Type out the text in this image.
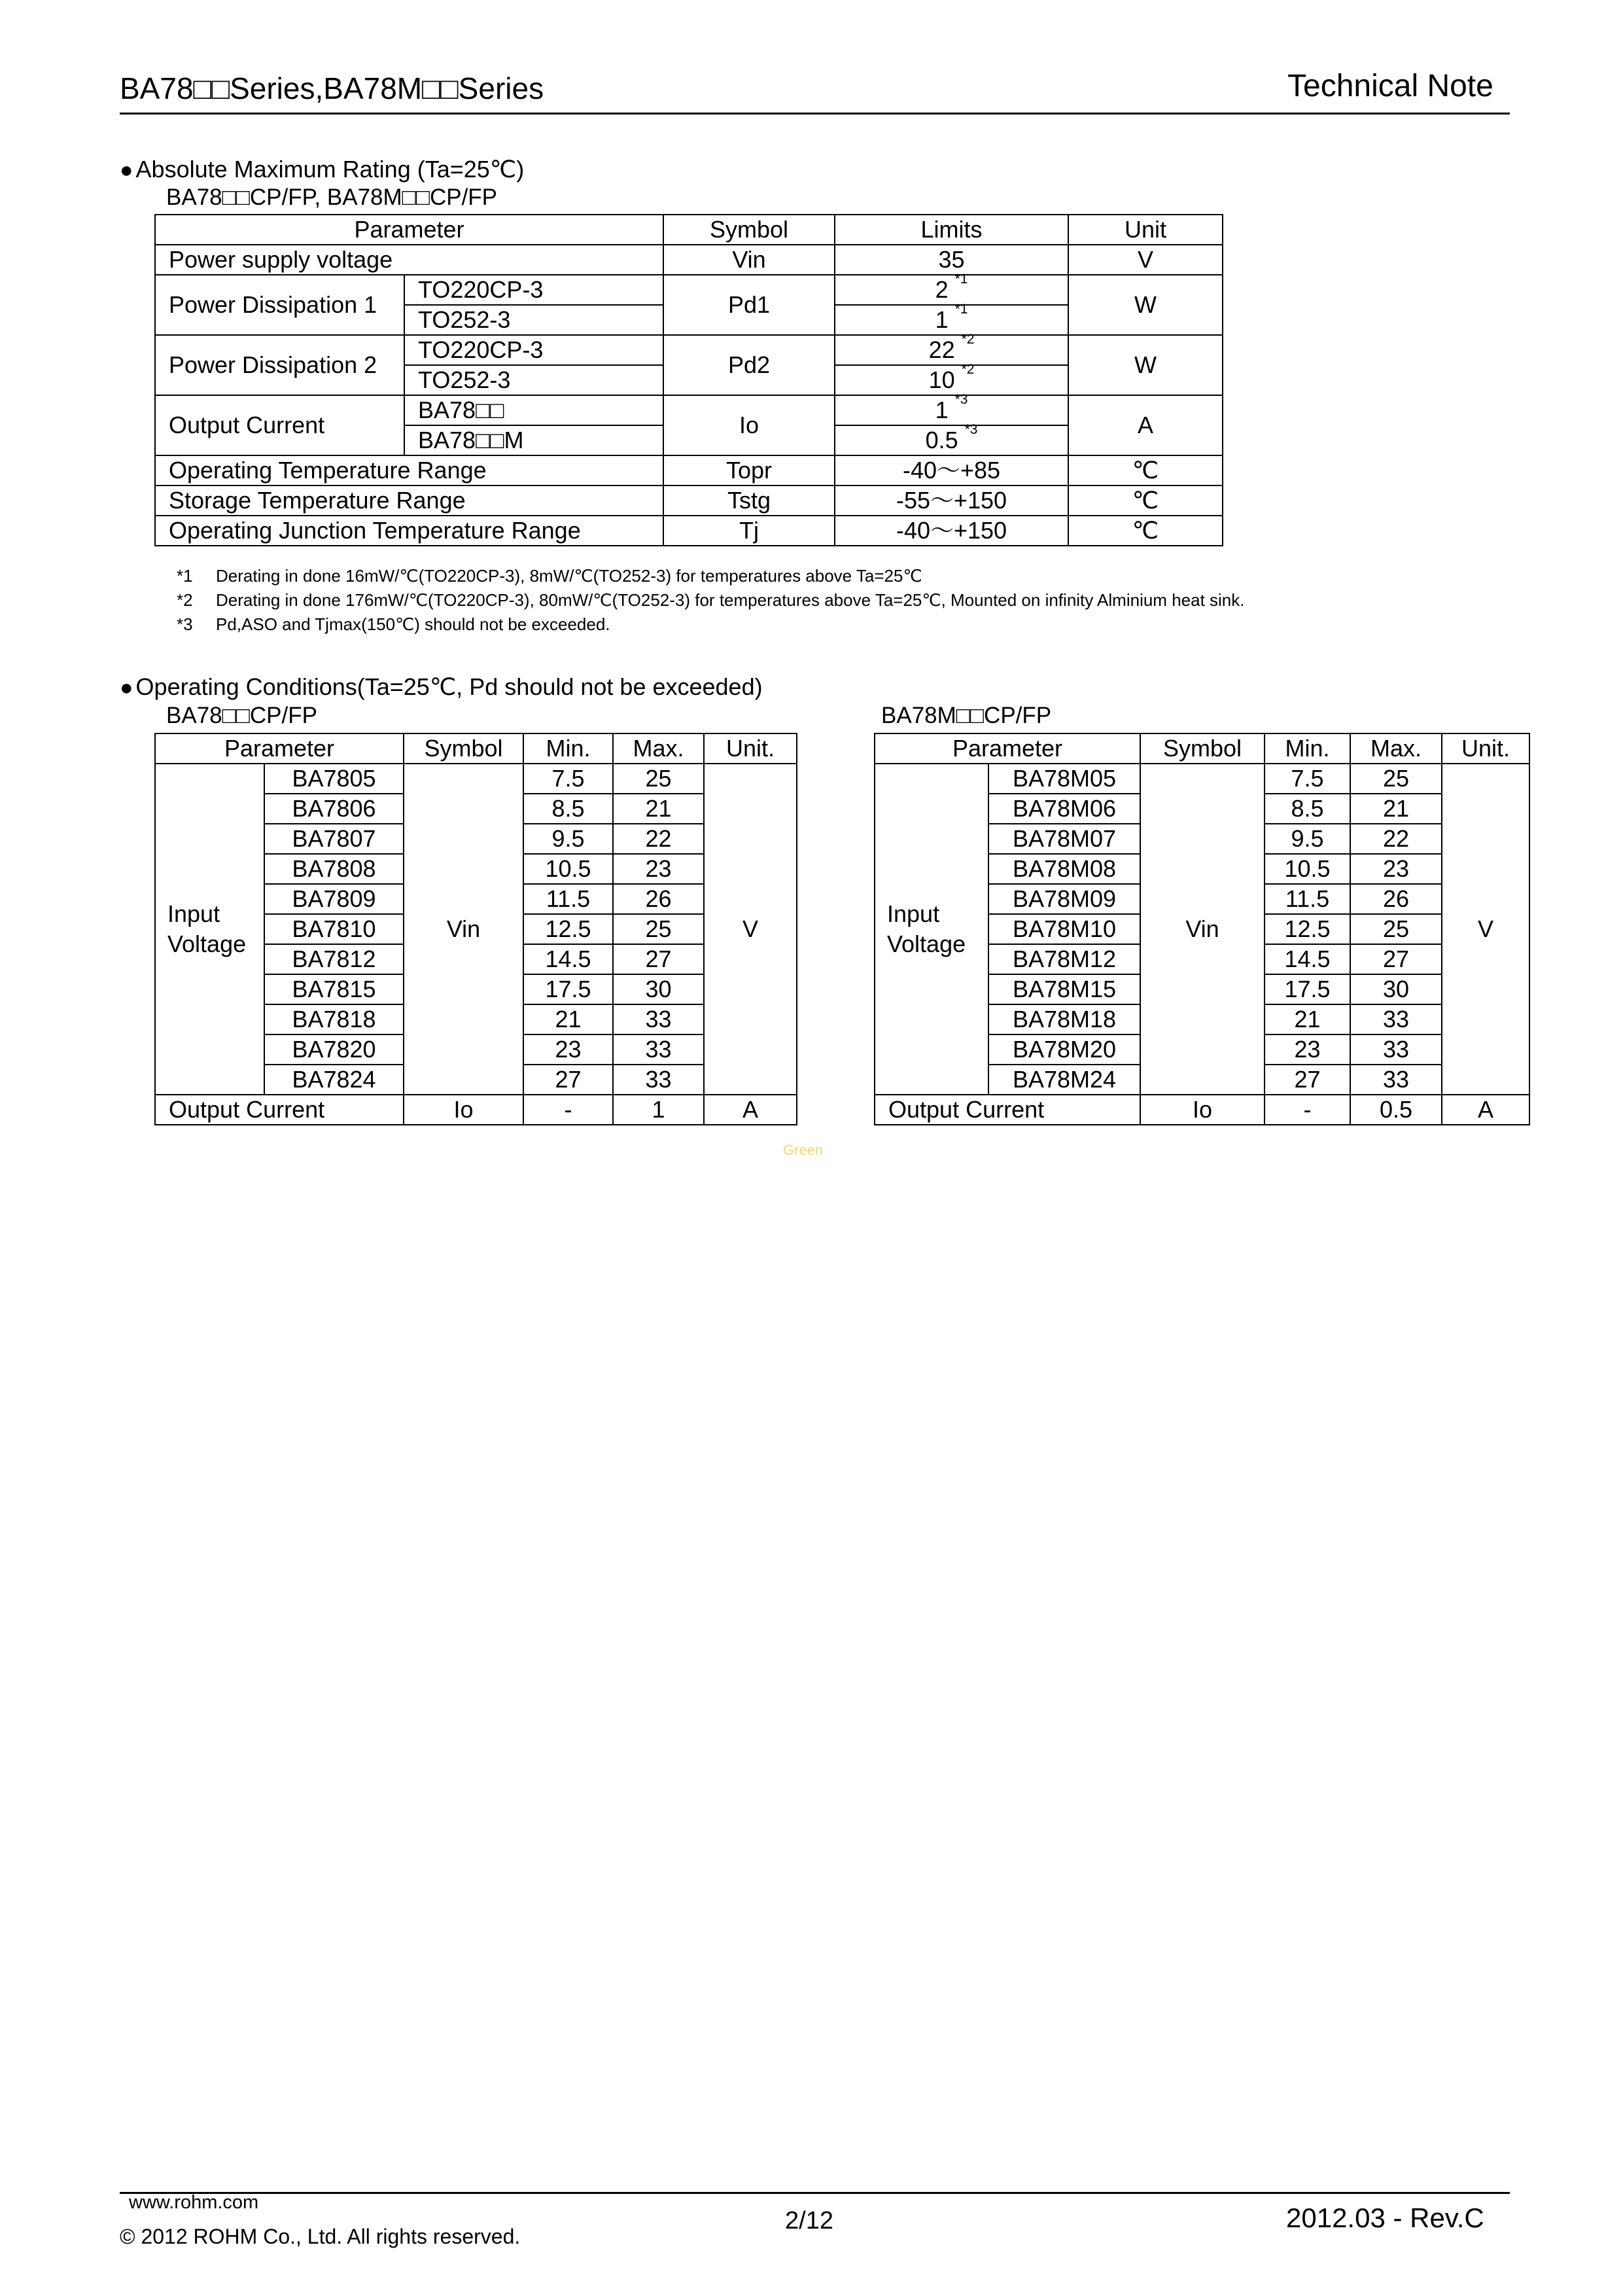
BA78□□Series,BA78M□□Series	Technical Note
● Absolute Maximum Rating (Ta=25℃)
BA78□□CP/FP, BA78M□□CP/FP
Parameter		Symbol	Limits	Unit
Power supply voltage		Vin	35	V
Power Dissipation 1	TO220CP-3	Pd1	2 $^{*1}$	W
	TO252-3		1 $^{*1}$
Power Dissipation 2	TO220CP-3	Pd2	22 $^{*2}$	W
	TO252-3		10 $^{*2}$
Output Current	BA78□□	Io	1 $^{*3}$	A
	BA78□□M		0.5 $^{*3}$
Operating Temperature Range		Topr	-40～+85	℃
Storage Temperature Range		Tstg	-55～+150	℃
Operating Junction Temperature Range		Tj	-40～+150	℃
*1 Derating in done 16mW/℃(TO220CP-3), 8mW/℃(TO252-3) for temperatures above Ta=25℃
*2 Derating in done 176mW/℃(TO220CP-3), 80mW/℃(TO252-3) for temperatures above Ta=25℃, Mounted on infinity Alminium heat sink.
*3 Pd,ASO and Tjmax(150℃) should not be exceeded.
● Operating Conditions(Ta=25℃, Pd should not be exceeded)
BA78□□CP/FP	BA78M□□CP/FP
Parameter		Symbol	Min.	Max.	Unit.

Input
Voltage	BA7805	Vin	7.5	25	V
	BA7806		8.5	21	
	BA7807		9.5	22	
	BA7808		10.5	23	
	BA7809		11.5	26	
	BA7810		12.5	25	
	BA7812		14.5	27	
	BA7815		17.5	30	
	BA7818		21	33	
	BA7820		23	33	
	BA7824		27	33	
Output Current		Io	-	1	A
Parameter		Symbol	Min.	Max.	Unit.

Input
Voltage	BA78M05	Vin	7.5	25	V
	BA78M06		8.5	21	
	BA78M07		9.5	22	
	BA78M08		10.5	23	
	BA78M09		11.5	26	
	BA78M10		12.5	25	
	BA78M12		14.5	27	
	BA78M15		17.5	30	
	BA78M18		21	33	
	BA78M20		23	33	
	BA78M24		27	33	
Output Current		Io	-	0.5	A
Green
www.rohm.com
© 2012 ROHM Co., Ltd. All rights reserved.
2/12	2012.03 - Rev.C
